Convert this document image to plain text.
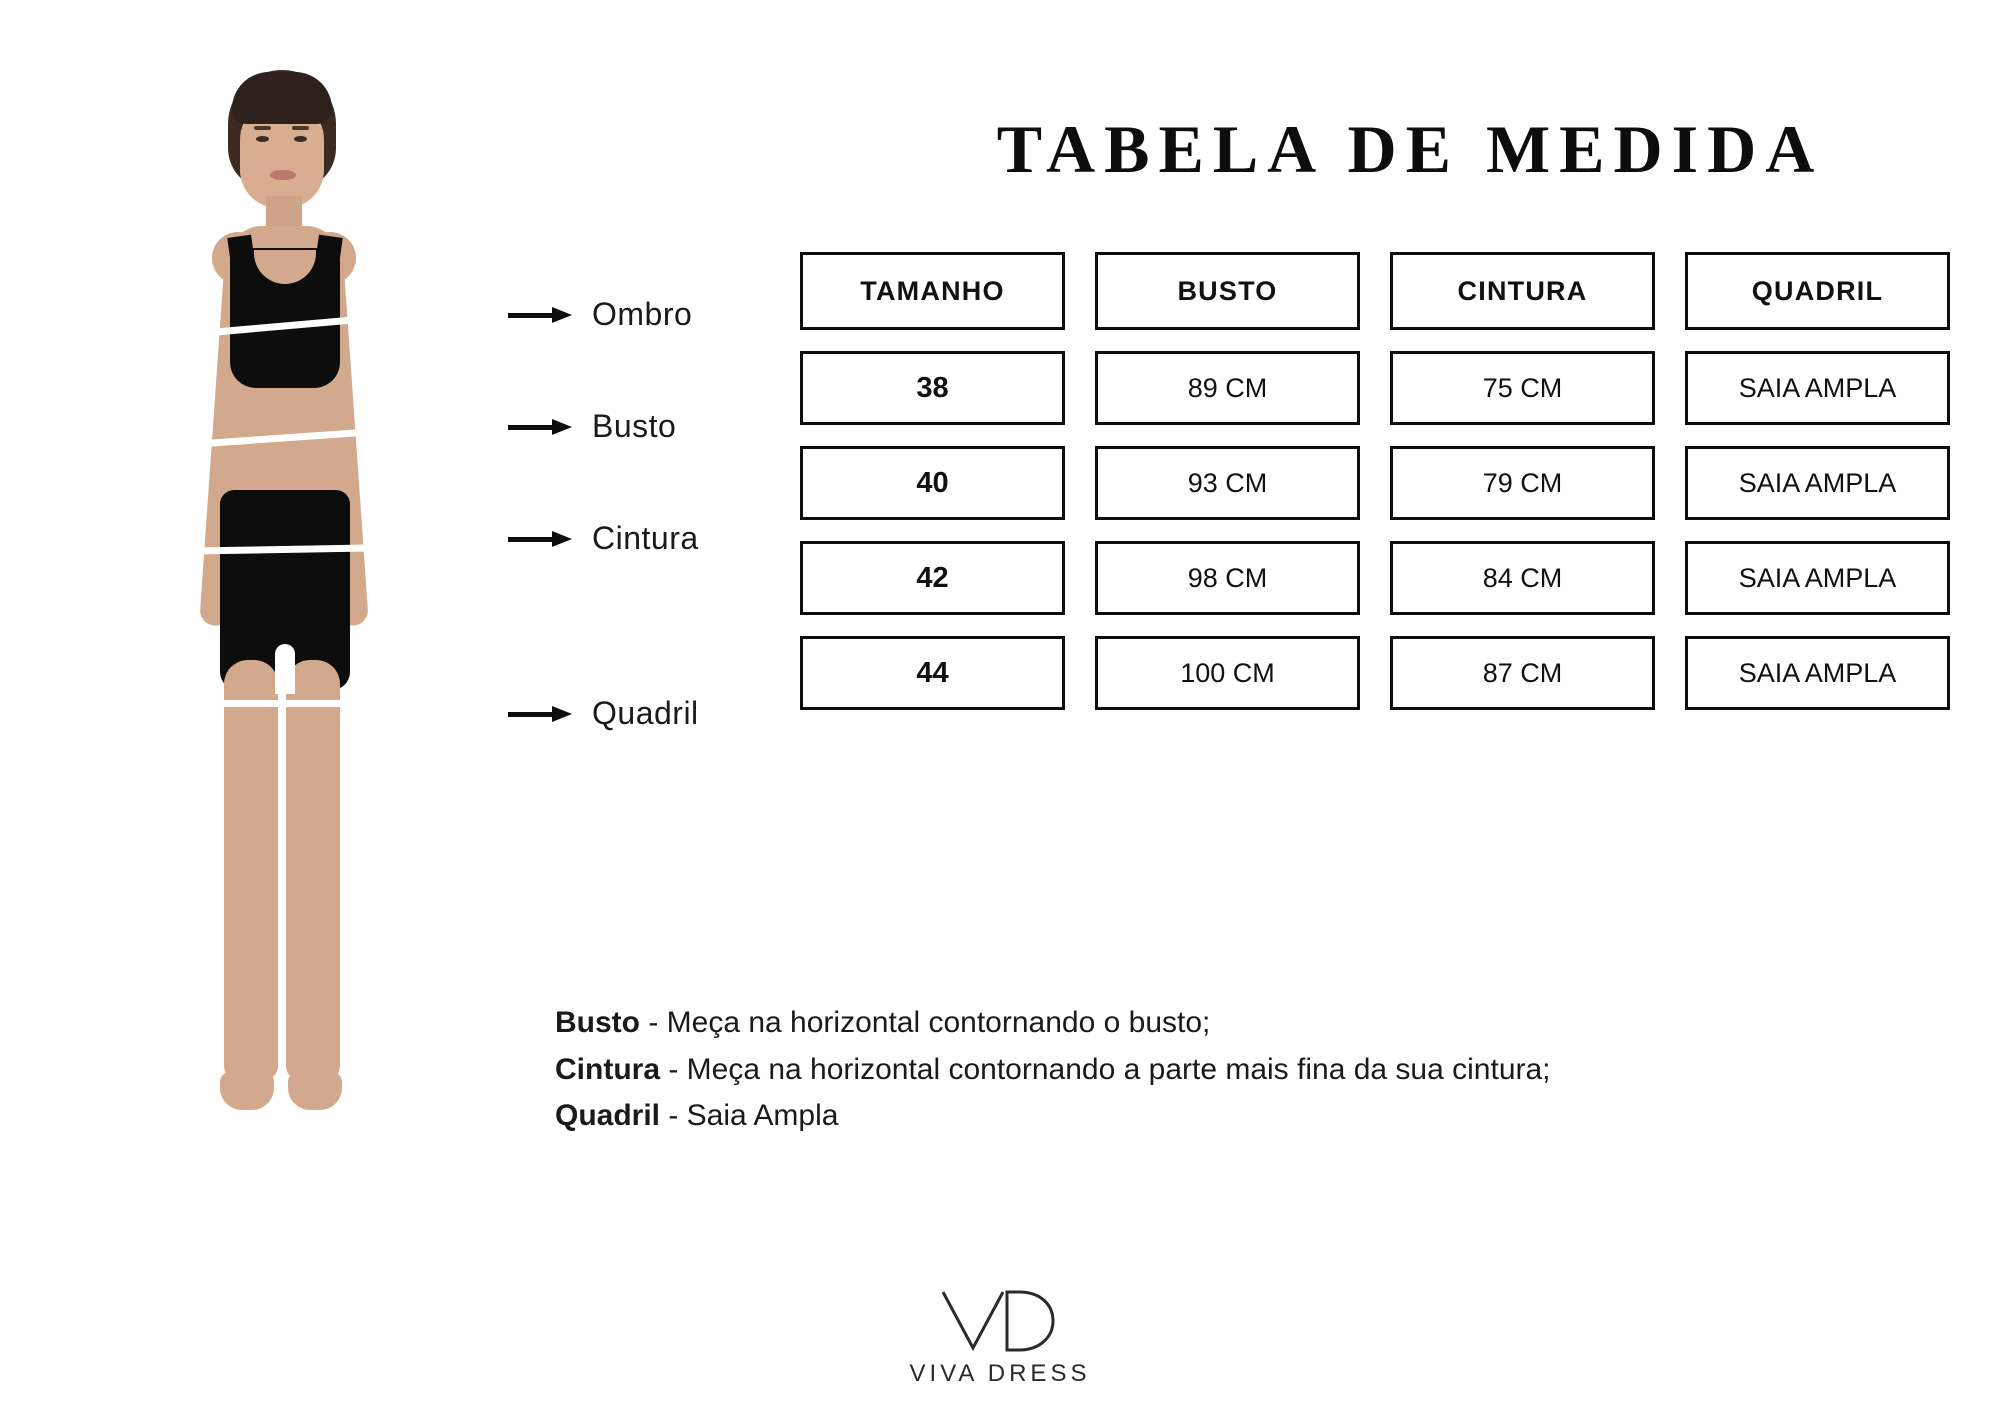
Ombro
Busto
Cintura
Quadril
TABELA DE MEDIDA
TAMANHO	BUSTO	CINTURA	QUADRIL
38	89 CM	75 CM	SAIA AMPLA
40	93 CM	79 CM	SAIA AMPLA
42	98 CM	84 CM	SAIA AMPLA
44	100 CM	87 CM	SAIA AMPLA
Busto - Meça na horizontal contornando o busto;
Cintura - Meça na horizontal contornando a parte mais fina da sua cintura;
Quadril - Saia Ampla
VIVA DRESS
